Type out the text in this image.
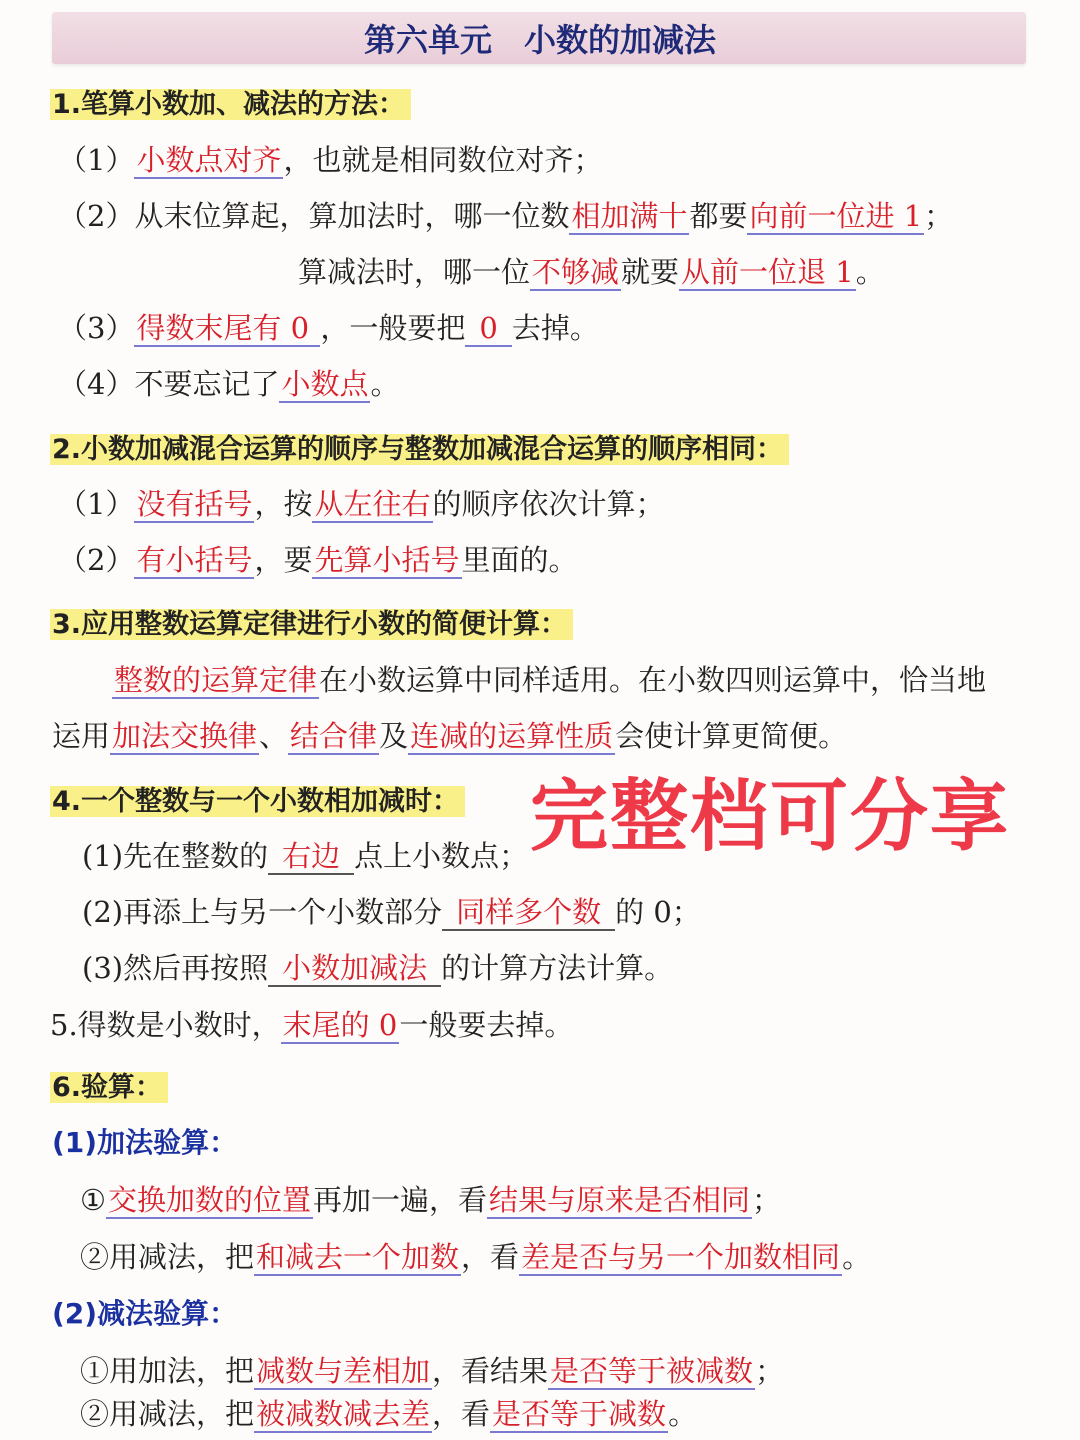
第六单元　小数的加减法
1.笔算小数加、减法的方法：
（1）小数点对齐，也就是相同数位对齐；
（2）从末位算起，算加法时，哪一位数相加满十都要向前一位进 1；
算减法时，哪一位不够减就要从前一位退 1。
（3）得数末尾有 0 ，一般要把 0 去掉。
（4）不要忘记了小数点。
2.小数加减混合运算的顺序与整数加减混合运算的顺序相同：
（1）没有括号，按从左往右的顺序依次计算；
（2）有小括号，要先算小括号里面的。
3.应用整数运算定律进行小数的简便计算：
整数的运算定律在小数运算中同样适用。在小数四则运算中，恰当地
运用加法交换律、结合律及连减的运算性质会使计算更简便。
4.一个整数与一个小数相加减时： 完整档可分享
(1)先在整数的 右边 点上小数点；
(2)再添上与另一个小数部分 同样多个数 的 0；
(3)然后再按照 小数加减法 的计算方法计算。
5.得数是小数时，末尾的 0一般要去掉。
6.验算：
(1)加法验算：
①交换加数的位置再加一遍，看结果与原来是否相同；
②用减法，把和减去一个加数，看差是否与另一个加数相同。
(2)减法验算：
①用加法，把减数与差相加，看结果是否等于被减数；
②用减法，把被减数减去差，看是否等于减数。
